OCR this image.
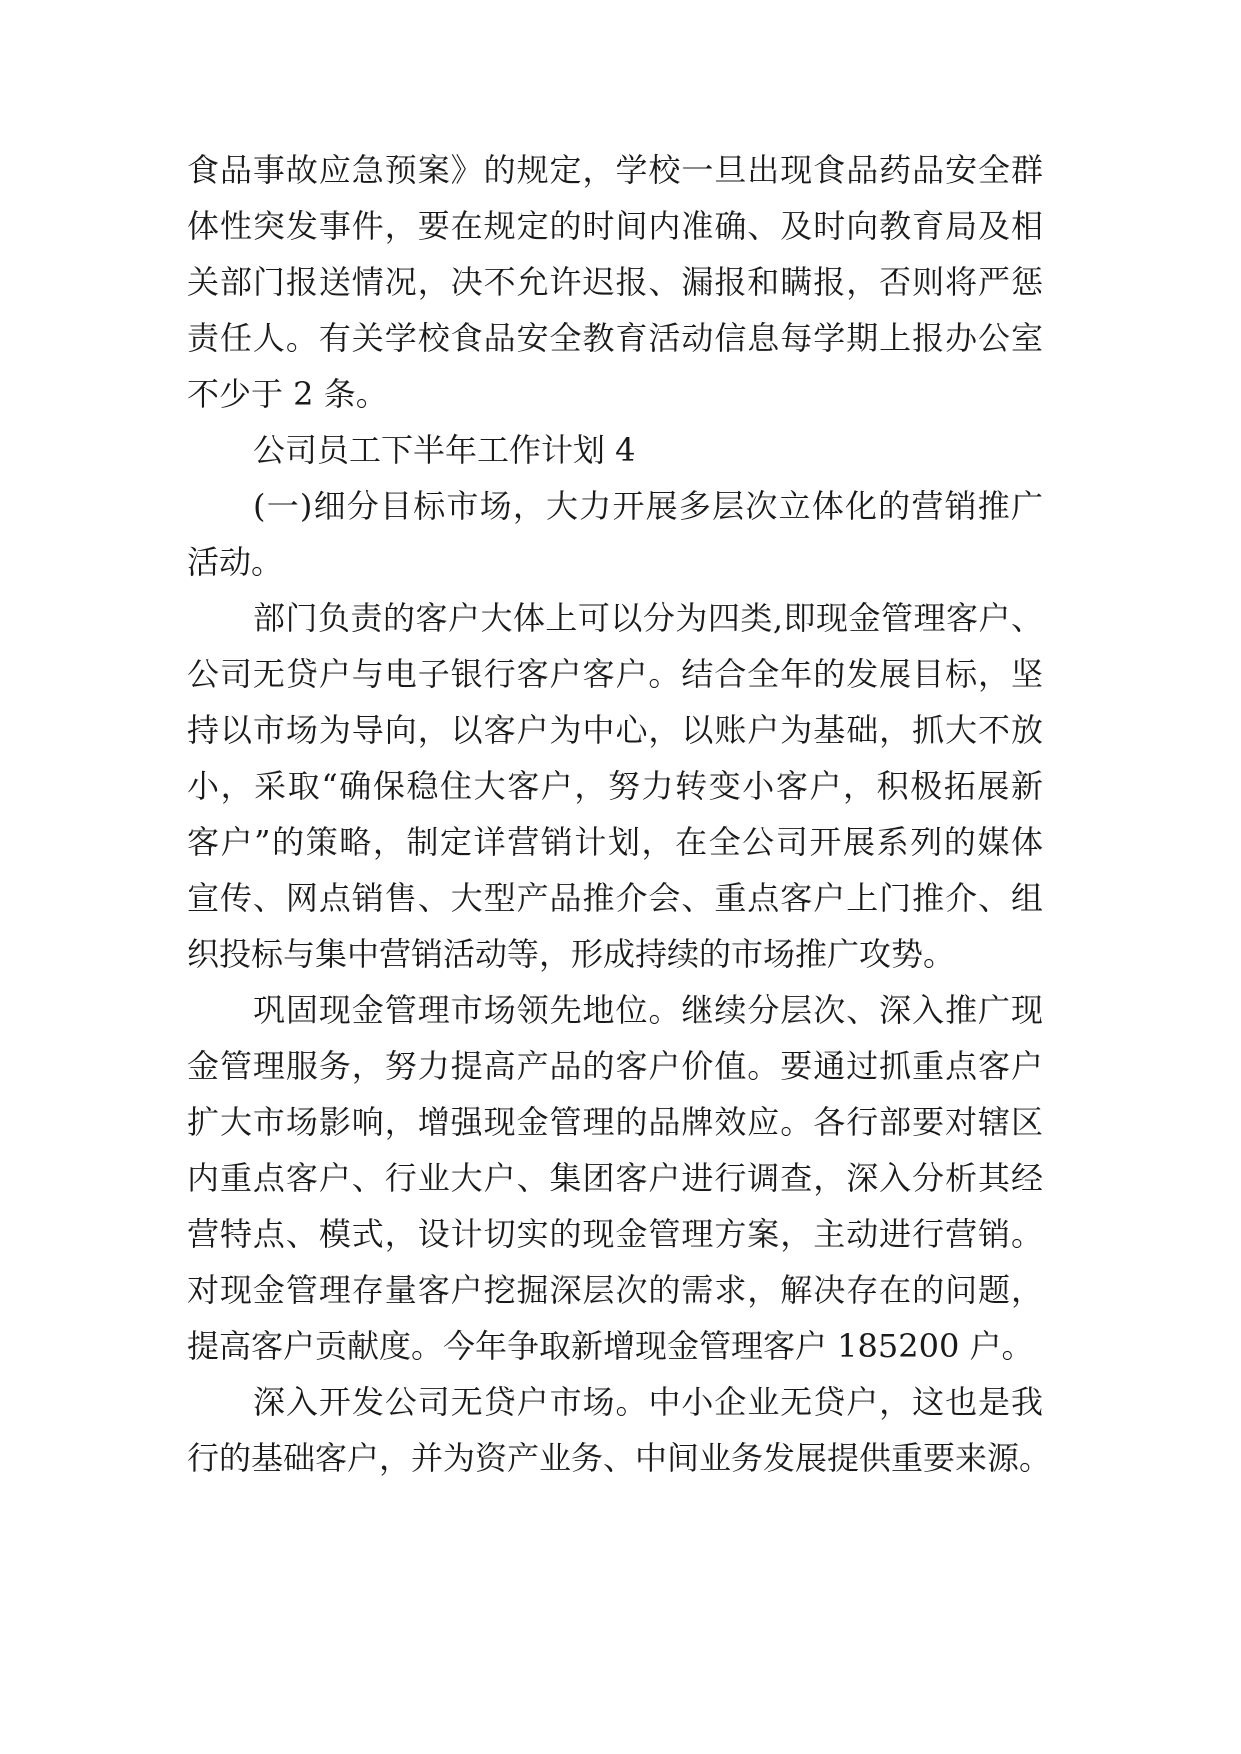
食品事故应急预案》的规定，学校一旦出现食品药品安全群
体性突发事件，要在规定的时间内准确、及时向教育局及相
关部门报送情况，决不允许迟报、漏报和瞒报，否则将严惩
责任人。有关学校食品安全教育活动信息每学期上报办公室
不少于 2 条。
公司员工下半年工作计划 4
(一)细分目标市场，大力开展多层次立体化的营销推广
活动。
部门负责的客户大体上可以分为四类,即现金管理客户、
公司无贷户与电子银行客户客户。结合全年的发展目标，坚
持以市场为导向，以客户为中心，以账户为基础，抓大不放
小，采取“确保稳住大客户，努力转变小客户，积极拓展新
客户”的策略，制定详营销计划，在全公司开展系列的媒体
宣传、网点销售、大型产品推介会、重点客户上门推介、组
织投标与集中营销活动等，形成持续的市场推广攻势。
巩固现金管理市场领先地位。继续分层次、深入推广现
金管理服务，努力提高产品的客户价值。要通过抓重点客户
扩大市场影响，增强现金管理的品牌效应。各行部要对辖区
内重点客户、行业大户、集团客户进行调查，深入分析其经
营特点、模式，设计切实的现金管理方案，主动进行营销。
对现金管理存量客户挖掘深层次的需求，解决存在的问题，
提高客户贡献度。今年争取新增现金管理客户 185200 户。
深入开发公司无贷户市场。中小企业无贷户，这也是我
行的基础客户，并为资产业务、中间业务发展提供重要来源。
